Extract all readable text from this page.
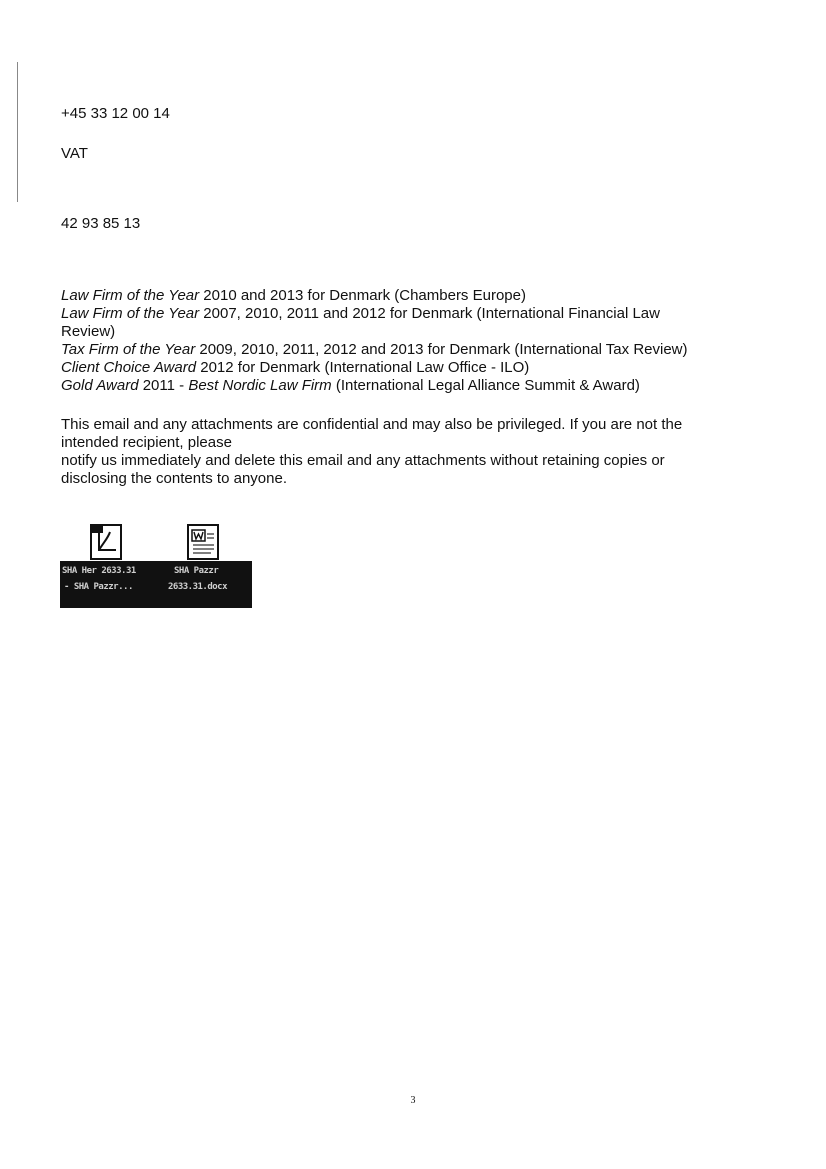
+45 33 12 00 14
VAT
42 93 85 13
Law Firm of the Year 2010 and 2013 for Denmark (Chambers Europe)
Law Firm of the Year 2007, 2010, 2011 and 2012 for Denmark (International Financial Law
Review)
Tax Firm of the Year 2009, 2010, 2011, 2012 and 2013 for Denmark (International Tax Review)
Client Choice Award 2012 for Denmark (International Law Office - ILO)
Gold Award 2011 - Best Nordic Law Firm (International Legal Alliance Summit & Award)
This email and any attachments are confidential and may also be privileged. If you are not the
intended recipient, please
notify us immediately and delete this email and any attachments without retaining copies or
disclosing the contents to anyone.
SHA Her 2633.31
- SHA Pazzr...
SHA Pazzr
2633.31.docx
3
